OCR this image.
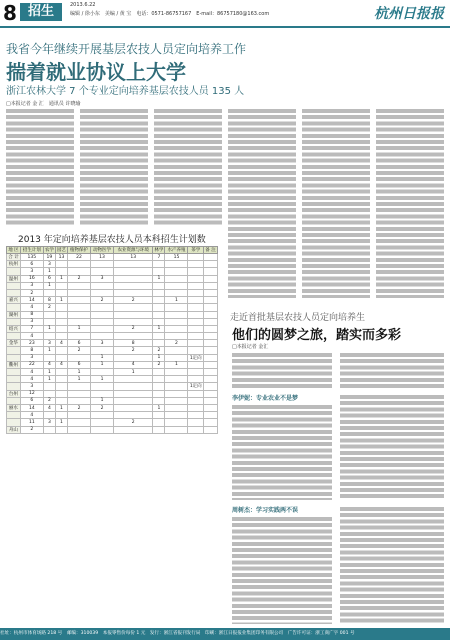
8 招生	2013.6.22
编辑 / 徐小东　美编 / 黄 宝　电话：0571-86757167　E-mail：86757180@163.com	杭州日报报
我省今年继续开展基层农技人员定向培养工作
揣着就业协议上大学
浙江农林大学 7 个专业定向培养基层农技人员 135 人
□本报记者 金 汇　通讯员 许晓瑜
2013 年定向培养基层农技人员本科招生计划数
地 区	招生计划	农学	园艺	植物保护	动物医学	农业资源与环境	林学	水产养殖	茶学	备 注
合 计	135	19	13	22	13	13	7	15		
杭州	6	3								
	3	1								
温州	16	6	1	2	3		1			
	3	1								
	2									
嘉兴	14	8	1		2	2		1		
	4	2								
湖州	8									
	3									
绍兴	7	1		1		2	1			
	4									
金华	23	3	4	6	3	8		2		
	8	1		2		2	2			
	3				1		1		1定向	
衢州	22	4	4	6	1	4	2	1		
	4	1		1		1				
	4	1		1	1					
	3								1定向	
台州	12									
	6	2			1					
丽水	14	4	1	2	2		1			
	4									
	11	3	1			2				
舟山	2									
走近首批基层农技人员定向培养生
他们的圆梦之旅，踏实而多彩
□本报记者 金汇
李伊妮：专业农业不是梦
周树杰：学习实践两不误
社址：杭州市体育场路 218 号　邮编：310039　本报零售价每份 1 元　发行：浙江省报刊发行局　印刷：浙江日报报业集团印务有限公司　广告许可证：浙工商广字 001 号
